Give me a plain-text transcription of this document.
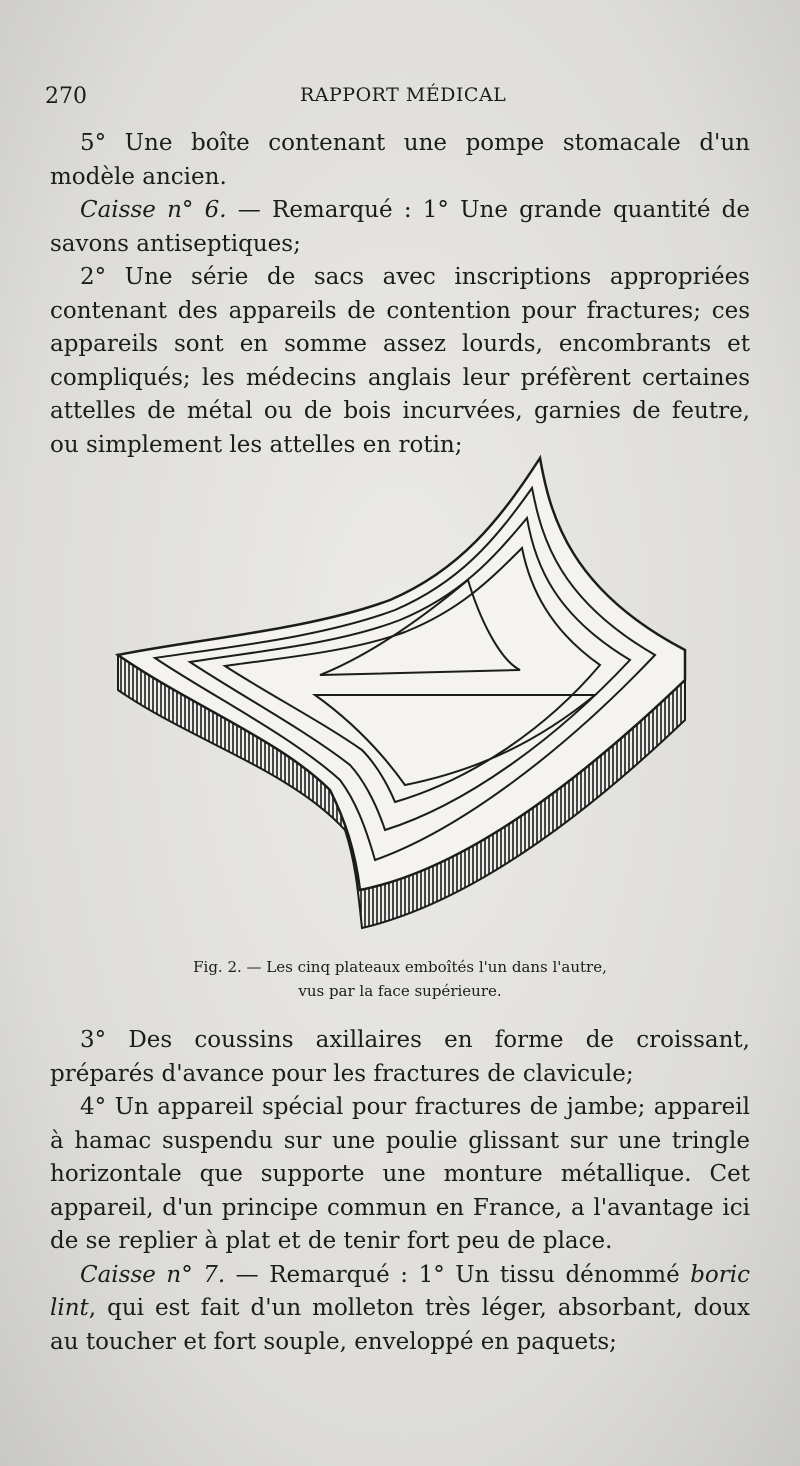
270	RAPPORT MÉDICAL

5° Une boîte contenant une pompe stomacale d'un modèle ancien.

Caisse n° 6. — Remarqué : 1° Une grande quantité de savons antiseptiques;

2° Une série de sacs avec inscriptions appropriées contenant des appareils de contention pour fractures; ces appareils sont en somme assez lourds, encombrants et compliqués; les médecins anglais leur préfèrent certaines attelles de métal ou de bois incurvées, garnies de feutre, ou simplement les attelles en rotin;

Fig. 2. — Les cinq plateaux emboîtés l'un dans l'autre,
vus par la face supérieure.

3° Des coussins axillaires en forme de croissant, préparés d'avance pour les fractures de clavicule;

4° Un appareil spécial pour fractures de jambe; appareil à hamac suspendu sur une poulie glissant sur une tringle horizontale que supporte une monture métallique. Cet appareil, d'un principe commun en France, a l'avantage ici de se replier à plat et de tenir fort peu de place.

Caisse n° 7. — Remarqué : 1° Un tissu dénommé boric lint, qui est fait d'un molleton très léger, absorbant, doux au toucher et fort souple, enveloppé en paquets;
